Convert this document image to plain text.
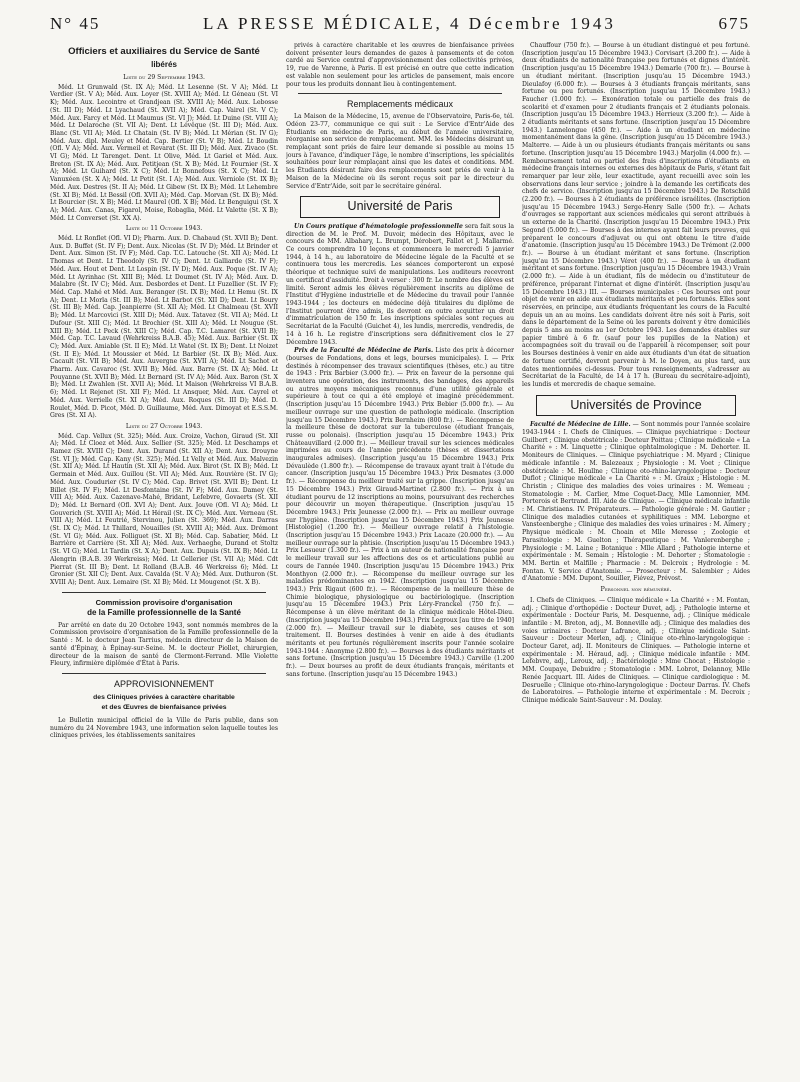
N° 45	LA PRESSE MÉDICALE, 4 Décembre 1943	675
Officiers et auxiliaires du Service de Santé
libérés
Liste du 29 Septembre 1943.

Méd. Lt Grunwald (St. IX A); Méd. Lt Lesenne (St. V A); Méd. Lt Verdier (St. V A); Méd. Aux. Loyer (St. XVIII A); Méd. Lt Géneau (St. VI K); Méd. Aux. Lecointre et Grandjean (St. XVIII A); Méd. Aux. Lebosse (St. III D); Méd. Lt Lyachaud (St. XVII A); Méd. Cap. Vairel (St. V C); Méd. Aux. Farcy et Méd. Lt Maumus (St. VI J); Méd. Lt Duine (St. VIII A); Méd. Lt Delaroche (St. VII A); Dent. Lt Lévêque (St. III D); Méd. Aux. Blanc (St. VII A); Méd. Lt Chatain (St. IV B); Méd. Lt Mérian (St. IV G); Méd. Aux. dipl. Meuley et Méd. Cap. Bertier (St. V B); Méd. Lt Boudin (Ofl. V A); Méd. Aux. Vermeil et Revarat (St. III D); Méd. Aux. Zivaco (St. VI G); Méd. Lt Tarenget. Dent. Lt Olive, Méd. Lt Gariel et Méd. Aux. Breton (St. IX A); Méd. Aux. Petitjean (St. X B); Méd. Lt Fournier (St. X A); Méd. Lt Guihard (St. X C); Méd. Lt Bonnefous (St. X C); Méd. Lt Vanuxéen (St. X A); Méd. Lt Petit (St. I A); Méd. Aux. Verniole (St. IX B); Méd. Aux. Destres (St. II A); Méd. Lt Gibew (St. IX B); Méd. Lt Lehembre (St. XI B); Méd. Lt Bessil (Ofl. XVII A); Méd. Cap. Morvan (St. IX B); Méd. Lt Bourcier (St. X B); Méd. Lt Maurel (Ofl. X B); Méd. Lt Benguigui (St. X A); Méd. Aux. Canas, Figarol, Moise, Robaglia, Méd. Lt Valette (St. X B); Méd. Lt Converset (St. XX A).

Liste du 11 Octobre 1943.

Méd. Lt Ronflet (Ofl. VI D); Pharm. Aux. D. Chabaud (St. XVII B); Dent. Aux. D. Buffet (St. IV F); Dent. Aux. Nicolas (St. IV D); Méd. Lt Brinder et Dent. Aux. Simon (St. IV F); Méd. Cap. T.C. Latouche (St. XII A); Méd. Lt Thomas et Dent. Lt Theodoly (St. IV C); Dent. Lt Galliarde (St. IV F); Méd. Aux. Hout et Dent. Lt Lospin (St. IV D); Méd. Aux. Poque (St. IV A); Méd. Lt Ayrinhac (St. XIII B); Méd. Lt Doumet (St. IV A); Méd. Aux. D. Malabre (St. IV C); Méd. Aux. Desbordes et Dent. Lt Fuzellier (St. IV F); Méd. Cap. Mahé et Méd. Aux. Beranger (St. IX B); Méd. Lt Hemu (St. IX A); Dent. Lt Morla (St. III B); Méd. Lt Barbot (St. XII D); Dent. Lt Boury (St. III B); Méd. Cap. Jeanpierre (St. XII A); Méd. Lt Chalmeau (St. XVII B); Méd. Lt Marcovici (St. XIII D); Méd. Aux. Tatavez (St. VII A); Méd. Lt Dufour (St. XIII C); Méd. Lt Brochier (St. XIII A); Méd. Lt Nougue (St. XIII B); Méd. Lt Peck (St. XIII C); Méd. Cap. T.C. Lamaret (St. XVII B); Méd. Cap. T.C. Lavaud (Wehrkreiss B.A.B. 45); Méd. Aux. Barbier (St. IX C); Méd. Aux. Amiable (St. II E); Méd. Lt Watel (St. IX B); Dent. Lt Noizet (St. II E); Méd. Lt Moussier et Méd. Lt Barbier (St. IX B); Méd. Aux. Cacault (St. VII B); Méd. Aux. Auvergne (St. XVII A); Méd. Lt Sachot et Pharm. Aux. Cavaroc (St. XVII B); Méd. Aux. Barre (St. IX A); Méd. Lt Pouyanne (St. XVII B); Méd. Lt Bernard (St. IV A); Méd. Aux. Baron (St. X B); Méd. Lt Zwahlen (St. XVII A); Méd. Lt Maison (Wehrkreiss VI B.A.B. 6); Méd. Lt Rejenet (St. XII F); Méd. Lt Ansquer, Méd. Aux. Cayrel et Méd. Aux. Verrielle (St. XI A); Méd. Aux. Roques (St. III D); Méd. D. Roulet, Méd. D. Picot, Méd. D. Guillaume, Méd. Aux. Dimoyat et E.S.S.M. Gres (St. XI A).

Liste du 27 Octobre 1943.

Méd. Cap. Vellux (St. 325); Méd. Aux. Croize, Vachon, Giraud (St. XII A); Méd. Lt Cloez et Méd. Aux. Sellier (St. 325); Méd. Lt Deschamps et Ramez (St. XVIII C); Dent. Aux. Durand (St. XII A); Dent. Aux. Drouyne (St. VI J); Méd. Cap. Kany (St. 325); Méd. Lt Velly et Méd. Aux. Malvezin (St. XII A); Méd. Lt Hautin (St. XII A); Méd. Aux. Birot (St. IX B); Méd. Lt Germain et Méd. Aux. Guillou (St. VII A); Méd. Aux. Rouvière (St. IV G); Méd. Aux. Coudurier (St. IV C); Méd. Cap. Brivet (St. XVII B); Dent. Lt Billet (St. IV F); Méd. Lt Desfontaine (St. IV F); Méd. Aux. Damey (St. VIII A); Méd. Aux. Cazenave-Mahé, Bridant, Lefebvre, Govaerts (St. XII D); Méd. Lt Bernard (Ofl. XVI A); Dent. Aux. Jouve (Ofl. VI A); Méd. Lt Gouverich (St. XVIII A); Méd. Lt Hérail (St. IX C); Méd. Aux. Verneau (St. VIII A); Méd. Lt Feutrié, Stervinou, Julien (St. 369); Méd. Aux. Darras (St. IX C); Méd. Lt Thillard, Nouailles (St. XVIII A); Méd. Aux. Drémont (St. VI G); Méd. Aux. Folliguet (St. XI B); Méd. Cap. Sabatier, Méd. Lt Barrière et Carrière (St. XII A); Méd. Aux. Verhaeghe, Durand et Stoltz (St. VI G); Méd. Lt Tardin (St. X A); Dent. Aux. Dupuis (St. IX B); Méd. Lt Alengrin (B.A.B. 39 Werkreiss); Méd. Lt Cellerier (St. VII A); Méd. Cdt Pierrat (St. III B); Dent. Lt Rolland (B.A.B. 46 Werkreiss 6); Méd. Lt Gronier (St. XII C); Dent. Aux. Cavalda (St. V A); Méd. Aux. Duthuron (St. XVIII A); Dent. Aux. Lemaire (St. XI B); Méd. Lt Mougenot (St. X B).

Commission provisoire d'organisation
de la Famille professionnelle de la Santé

Par arrêté en date du 20 Octobre 1943, sont nommés membres de la Commission provisoire d'organisation de la Famille professionnelle de la Santé : M. le docteur Jean Tarrius, médecin directeur de la Maison de santé d'Épinay, à Épinay-sur-Seine. M. le docteur Piollet, chirurgien, directeur de la maison de santé de Clermont-Ferrand. Mlle Violette Fleury, infirmière diplômée d'État à Paris.

APPROVISIONNEMENT
des Cliniques privées à caractère charitable
et des Œuvres de bienfaisance privées

Le Bulletin municipal officiel de la Ville de Paris publie, dans son numéro du 24 Novembre 1943, une information selon laquelle toutes les cliniques privées, les établissements sanitaires

privés à caractère charitable et les œuvres de bienfaisance privées doivent présenter leurs demandes de gazes à pansements et de coton cardé au Service central d'approvisionnement des collectivités privées, 19, rue de Varenne, à Paris. Il est précisé en outre que cette indication est valable non seulement pour les articles de pansement, mais encore pour tous les produits donnant lieu à contingentement.

Remplacements médicaux

La Maison de la Médecine, 15, avenue de l'Observatoire, Paris-6e, tél. Odéon 23-77, communique ce qui suit : Le Service d'Entr'Aide des Étudiants en médecine de Paris, au début de l'année universitaire, réorganise son service de remplacement. MM. les Médecins désirant un remplaçant sont priés de faire leur demande si possible au moins 15 jours à l'avance, d'indiquer l'âge, le nombre d'inscriptions, les spécialités souhaitées pour leur remplaçant ainsi que les dates et conditions. MM. les Étudiants désirant faire des remplacements sont priés de venir à la Maison de la Médecine où ils seront reçus soit par le directeur du Service d'Entr'Aide, soit par le secrétaire général.

Université de Paris

Un Cours pratique d'hématologie professionnelle sera fait sous la direction de M. le Prof. M. Duvoir, médecin des Hôpitaux, avec le concours de MM. Albahary, L. Brumpt, Dérobert, Fallot et J. Mallarmé. Ce cours comprendra 10 leçons et commencera le mercredi 5 janvier 1944, à 14 h., au laboratoire de Médecine légale de la Faculté et se continuera tous les mercredis. Les séances comporteront un exposé théorique et technique suivi de manipulations. Les auditeurs recevront un certificat d'assiduité. Droit à verser : 300 fr. Le nombre des élèves est limité. Seront admis les élèves régulièrement inscrits au diplôme de l'Institut d'Hygiène industrielle et de Médecine du travail pour l'année 1943-1944 ; les docteurs en médecine déjà titulaires du diplôme de l'Institut pourront être admis, ils devront en outre acquitter un droit d'immatriculation de 150 fr. Les inscriptions spéciales sont reçues au Secrétariat de la Faculté (Guichet 4), les lundis, mercredis, vendredis, de 14 à 16 h. Le registre d'inscriptions sera définitivement clos le 27 Décembre 1943.

Prix de la Faculté de Médecine de Paris. Liste des prix à décerner (bourses de Fondations, dons et legs, bourses municipales). I. — Prix destinés à récompenser des travaux scientifiques (thèses, etc.) au titre de 1943 : Prix Barbier (3.000 fr.). — Prix en faveur de la personne qui inventera une opération, des instruments, des bandages, des appareils ou autres moyens mécaniques reconnus d'une utilité générale et supérieure à tout ce qui a été employé et imaginé précédemment. (Inscription jusqu'au 15 Décembre 1943.) Prix Bebier (5.000 fr.). — Au meilleur ouvrage sur une question de pathologie médicale. (Inscription jusqu'au 15 Décembre 1943.) Prix Bernheim (800 fr.). — Récompense de la meilleure thèse de doctorat sur la tuberculose (étudiant français, russe ou polonais). (Inscription jusqu'au 15 Décembre 1943.) Prix Châteauvillard (2.000 fr.). — Meilleur travail sur les sciences médicales imprimées au cours de l'année précédente (thèses et dissertations inaugurales admises). (Inscription jusqu'au 15 Décembre 1943.) Prix Dévaulède (1.800 fr.). — Récompense de travaux ayant trait à l'étude du cancer. (Inscription jusqu'au 15 Décembre 1943.) Prix Desmates (3.000 fr.). — Récompense du meilleur traité sur la grippe. (Inscription jusqu'au 15 Décembre 1943.) Prix Giraud-Martinet (2.800 fr.). — Prix à un étudiant pourvu de 12 inscriptions au moins, poursuivant des recherches pour découvrir un moyen thérapeutique. (Inscription jusqu'au 15 Décembre 1943.) Prix Jeunesse (2.000 fr.). — Prix au meilleur ouvrage sur l'hygiène. (Inscription jusqu'au 15 Décembre 1943.) Prix Jeunesse [Histologie] (1.200 fr.). — Meilleur ouvrage relatif à l'histologie. (Inscription jusqu'au 15 Décembre 1943.) Prix Lacaze (20.000 fr.). — Au meilleur ouvrage sur la phtisie. (Inscription jusqu'au 15 Décembre 1943.) Prix Lesueur (1.300 fr.). — Prix à un auteur de nationalité française pour le meilleur travail sur les affections des os et articulations publié au cours de l'année 1940. (Inscription jusqu'au 15 Décembre 1943.) Prix Monthyon (2.000 fr.). — Récompense du meilleur ouvrage sur les maladies prédominantes en 1942. (Inscription jusqu'au 15 Décembre 1943.) Prix Rigaut (600 fr.). — Récompense de la meilleure thèse de Chimie biologique, physiologique ou bactériologique. (Inscription jusqu'au 15 Décembre 1943.) Prix Léry-Franckel (750 fr.). — Récompense à un élève méritant de la clinique médicale Hôtel-Dieu. (Inscription jusqu'au 15 Décembre 1943.) Prix Legroux [au titre de 1940] (2.000 fr.). — Meilleur travail sur le diabète, ses causes et son traitement. II. Bourses destinées à venir en aide à des étudiants méritants et peu fortunés régulièrement inscrits pour l'année scolaire 1943-1944 : Anonyme (2.800 fr.). — Bourses à des étudiants méritants et sans fortune. (Inscription jusqu'au 15 Décembre 1943.) Carville (1.200 fr.). — Deux bourses au profit de deux étudiants français, méritants et sans fortune. (Inscription jusqu'au 15 Décembre 1943.)

Chauffour (750 fr.). — Bourse à un étudiant distingué et peu fortuné. (Inscription jusqu'au 15 Décembre 1943.) Corvisart (3.200 fr.). — Aide à deux étudiants de nationalité française peu fortunés et dignes d'intérêt. (Inscription jusqu'au 15 Décembre 1943.) Demarle (700 fr.). — Bourse à un étudiant méritant. (Inscription jusqu'au 15 Décembre 1943.) Dieulafoy (6.000 fr.). — Bourses à 3 étudiants français méritants, sans fortune ou peu fortunés. (Inscription jusqu'au 15 Décembre 1943.) Faucher (1.000 fr.). — Exonération totale ou partielle des frais de scolarité et d'examen pour 2 étudiants français et 2 étudiants polonais. (Inscription jusqu'au 15 Décembre 1943.) Herrieux (3.200 fr.). — Aide à 2 étudiants méritants et sans fortune. (Inscription jusqu'au 15 Décembre 1943.) Lannelongue (450 fr.). — Aide à un étudiant en médecine momentanément dans la gêne. (Inscription jusqu'au 15 Décembre 1943.) Malterre. — Aide à un ou plusieurs étudiants français méritants ou sans fortune. (Inscription jusqu'au 15 Décembre 1943.) Marjolin (4.000 fr.). — Remboursement total ou partiel des frais d'inscriptions d'étudiants en médecine français internes ou externes des hôpitaux de Paris, s'étant fait remarquer par leur zèle, leur exactitude, ayant recueilli avec soin les observations dans leur service ; joindre à la demande les certificats des chefs de service. (Inscription jusqu'au 15 Décembre 1943.) De Rotschild (2.200 fr.). — Bourses à 2 étudiants de préférence israélites. (Inscription jusqu'au 15 Décembre 1943.) Serge-Henry Salle (500 fr.). — Achats d'ouvrages se rapportant aux sciences médicales qui seront attribués à un externe de la Charité. (Inscription jusqu'au 15 Décembre 1943.) Prix Segond (5.000 fr.). — Bourses à des internes ayant fait leurs preuves, qui préparent le concours d'adjuvat ou qui ont obtenu le titre d'aide d'anatomie. (Inscription jusqu'au 15 Décembre 1943.) De Trémont (2.000 fr.). — Bourse à un étudiant méritant et sans fortune. (Inscription jusqu'au 15 Décembre 1943.) Véret (400 fr.). — Bourse à un étudiant méritant et sans fortune. (Inscription jusqu'au 15 Décembre 1943.) Vrain (2.000 fr.). — Aide à un étudiant, fils de médecin ou d'instituteur de préférence, préparant l'internat et digne d'intérêt. (Inscription jusqu'au 15 Décembre 1943.) III. — Bourses municipales : Ces bourses ont pour objet de venir en aide aux étudiants méritants et peu fortunés. Elles sont réservées, en principe, aux étudiants fréquentant les cours de la Faculté depuis un an au moins. Les candidats doivent être nés soit à Paris, soit dans le département de la Seine où les parents doivent y être domiciliés depuis 5 ans au moins au 1er Octobre 1943. Les demandes établies sur papier timbré à 6 fr. (sauf pour les pupilles de la Nation) et accompagnées soit du travail ou de l'appareil à récompenser, soit pour les Bourses destinées à venir en aide aux étudiants d'un état de situation de fortune certifié, devront parvenir à M. le Doyen, au plus tard, aux dates mentionnées ci-dessus. Pour tous renseignements, s'adresser au Secrétariat de la Faculté, de 14 à 17 h. (Bureau du secrétaire-adjoint), les lundis et mercredis de chaque semaine.

Universités de Province

Faculté de Médecine de Lille. — Sont nommés pour l'année scolaire 1943-1944 : I. Chefs de Cliniques. — Clinique psychiatrique : Docteur Guilbert ; Clinique obstétricale : Docteur Poittau ; Clinique médicale « La Charité » : M. Linquette ; Clinique ophtalmologique : M. Dehorter. II. Moniteurs de Cliniques. — Clinique psychiatrique : M. Myard ; Clinique médicale infantile : M. Balezeaux ; Physiologie : M. Voet ; Clinique obstétricale : M. Houllne ; Clinique oto-rhino-laryngologique : Docteur Duflot ; Clinique médicale « La Charité » : M. Graux ; Histologie : M. Christin ; Clinique des maladies des voies urinaires : M. Wemeau ; Stomatologie : M. Carlier, Mme Coquet-Dacy, Mlle Lamonnier, MM. Porterois et Bertrand. III. Aide de Clinique. — Clinique médicale infantile : M. Christiaens. IV. Préparateurs. — Pathologie générale : M. Gautier ; Clinique des maladies cutanées et syphilitiques : MM. Leborgne et Vansteenberghe ; Clinique des maladies des voies urinaires : M. Aimery ; Physique médicale : M. Choain et Mlle Meresse ; Zoologie et Parasitologie : M. Guelton ; Thérapeutique : M. Vanlerenberghe ; Physiologie : M. Laine ; Botanique : Mlle Allard ; Pathologie interne et expérimentale : M. Semain ; Histologie : M. Dehorter ; Stomatologie : MM. Bertin et Malfille ; Pharmacie : M. Delcroix ; Hydrologie : M. Fontan. V. Service d'Anatomie. — Prosecteur : M. Salembier ; Aides d'Anatomie : MM. Dupont, Souiller, Fiévez, Prévost.

Personnel non rémunéré.

I. Chefs de Cliniques. — Clinique médicale « La Charité » : M. Fontan, adj. ; Clinique d'orthopédie : Docteur Duvet, adj. ; Pathologie interne et expérimentale : Docteur Paris, M. Desquenne, adj. ; Clinique médicale infantile : M. Breton, adj., M. Bonneville adj. ; Clinique des maladies des voies urinaires : Docteur Lafrance, adj. ; Clinique médicale Saint-Sauveur : Docteur Merlen, adj. ; Clinique oto-rhino-laryngologique : Docteur Garet, adj. II. Moniteurs de Cliniques. — Pathologie interne et expérimentale : M. Héraud, adj. ; Clinique médicale infantile : MM. Lefebvre, adj., Leroux, adj. ; Bactériologie : Mme Chocat ; Histologie : MM. Coupaye, Debuidre ; Stomatologie : MM. Lobrot, Delannoy, Mlle Renée Jacquart. III. Aides de Cliniques. — Clinique cardiologique : M. Desruelle ; Clinique oto-rhino-laryngologique : Docteur Darras. IV. Chefs de Laboratoires. — Pathologie interne et expérimentale : M. Decroix ; Clinique médicale Saint-Sauveur : M. Doulay.
